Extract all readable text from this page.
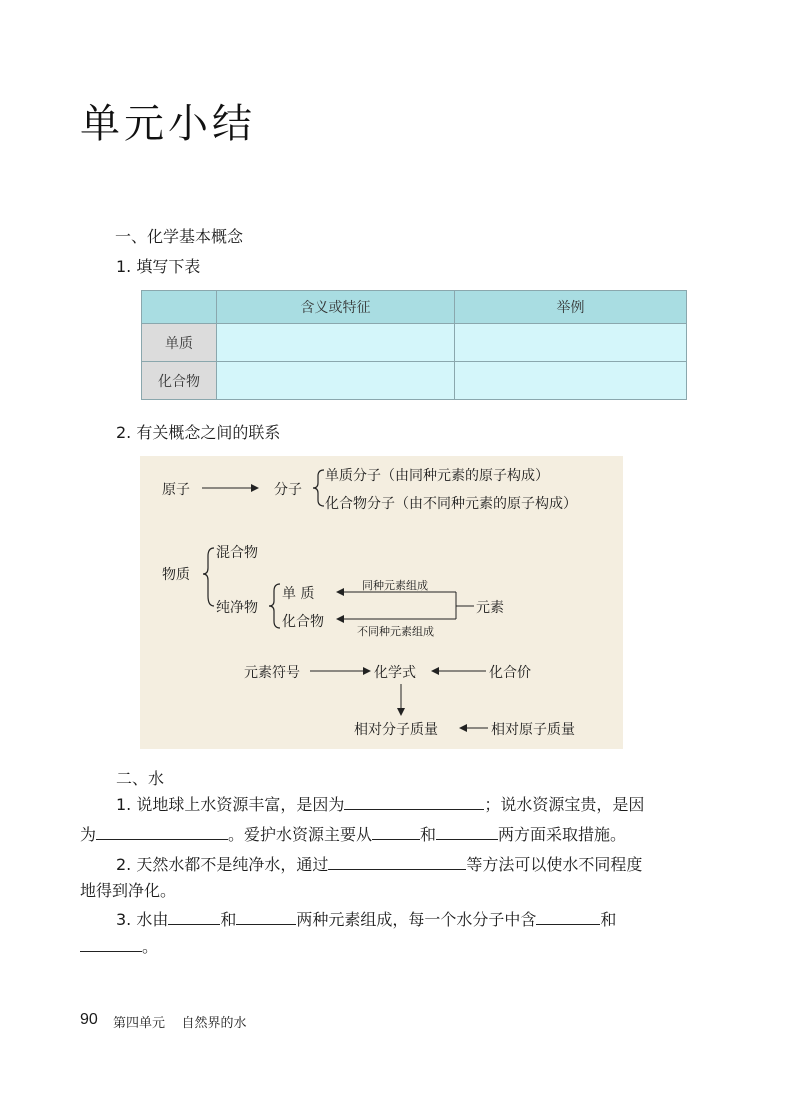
单元小结
一、化学基本概念
1. 填写下表
	含义或特征	举例
单质		
化合物		
2. 有关概念之间的联系
原子	分子
单质分子（由同种元素的原子构成）
化合物分子（由不同种元素的原子构成）
物质
混合物
纯净物
单 质
化合物
同种元素组成
不同种元素组成
元素
元素符号	化学式	化合价
相对分子质量	相对原子质量
二、水
1. 说地球上水资源丰富，是因为	；说水资源宝贵，是因
为	。爱护水资源主要从	和	两方面采取措施。
2. 天然水都不是纯净水，通过	等方法可以使水不同程度
地得到净化。
3. 水由	和	两种元素组成，每一个水分子中含	和
。
90 第四单元    自然界的水
